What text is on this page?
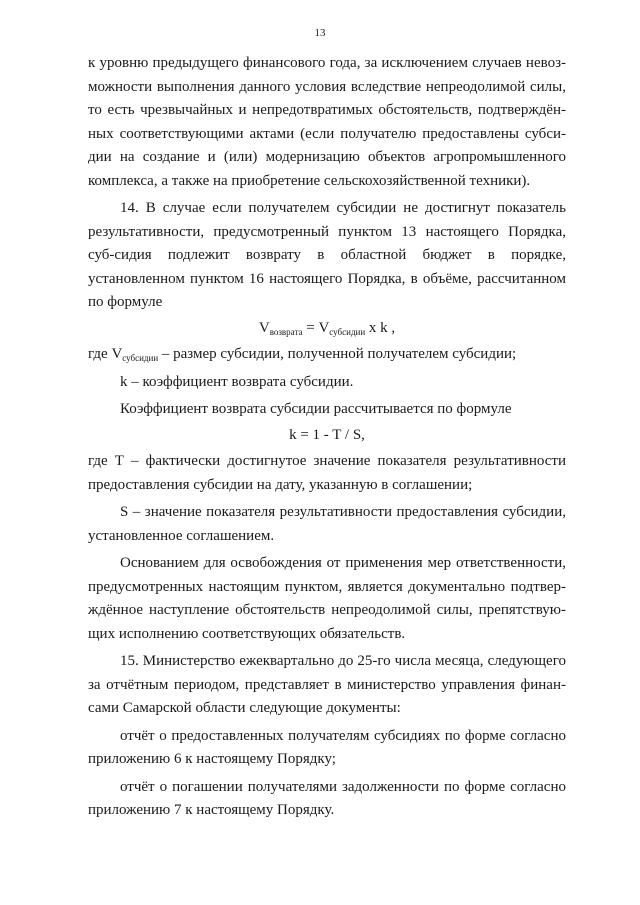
13

к уровню предыдущего финансового года, за исключением случаев невоз-можности выполнения данного условия вследствие непреодолимой силы, то есть чрезвычайных и непредотвратимых обстоятельств, подтверждён-ных соответствующими актами (если получателю предоставлены субси-дии на создание и (или) модернизацию объектов агропромышленного комплекса, а также на приобретение сельскохозяйственной техники).

14. В случае если получателем субсидии не достигнут показатель результативности, предусмотренный пунктом 13 настоящего Порядка, суб-сидия подлежит возврату в областной бюджет в порядке, установленном пунктом 16 настоящего Порядка, в объёме, рассчитанном по формуле

$V_{возврата} = V_{субсидии}$ x k ,

где $V_{субсидии}$ – размер субсидии, полученной получателем субсидии;

k – коэффициент возврата субсидии.

Коэффициент возврата субсидии рассчитывается по формуле

k = 1 - T / S,

где Т – фактически достигнутое значение показателя результативности предоставления субсидии на дату, указанную в соглашении;

S – значение показателя результативности предоставления субсидии, установленное соглашением.

Основанием для освобождения от применения мер ответственности, предусмотренных настоящим пунктом, является документально подтвер-ждённое наступление обстоятельств непреодолимой силы, препятствую-щих исполнению соответствующих обязательств.

15. Министерство ежеквартально до 25-го числа месяца, следующего за отчётным периодом, представляет в министерство управления финан-сами Самарской области следующие документы:

отчёт о предоставленных получателям субсидиях по форме согласно приложению 6 к настоящему Порядку;

отчёт о погашении получателями задолженности по форме согласно приложению 7 к настоящему Порядку.
